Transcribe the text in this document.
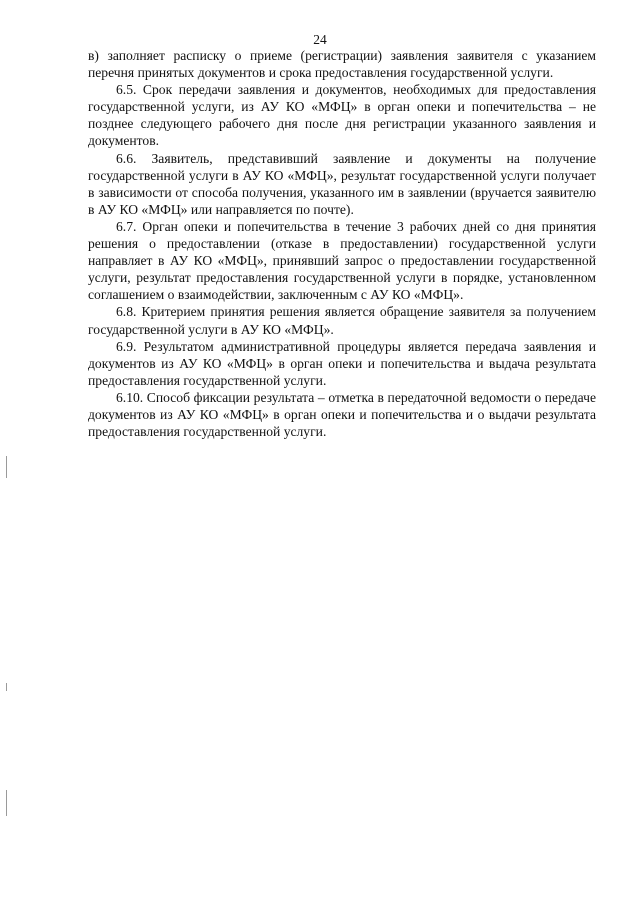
24

в) заполняет расписку о приеме (регистрации) заявления заявителя с указанием перечня принятых документов и срока предоставления государственной услуги.

6.5. Срок передачи заявления и документов, необходимых для предоставления государственной услуги, из АУ КО «МФЦ» в орган опеки и попечительства – не позднее следующего рабочего дня после дня регистрации указанного заявления и документов.

6.6. Заявитель, представивший заявление и документы на получение государственной услуги в АУ КО «МФЦ», результат государственной услуги получает в зависимости от способа получения, указанного им в заявлении (вручается заявителю в АУ КО «МФЦ» или направляется по почте).

6.7. Орган опеки и попечительства в течение 3 рабочих дней со дня принятия решения о предоставлении (отказе в предоставлении) государственной услуги направляет в АУ КО «МФЦ», принявший запрос о предоставлении государственной услуги, результат предоставления государственной услуги в порядке, установленном соглашением о взаимодействии, заключенным с АУ КО «МФЦ».

6.8. Критерием принятия решения является обращение заявителя за получением государственной услуги в АУ КО «МФЦ».

6.9. Результатом административной процедуры является передача заявления и документов из АУ КО «МФЦ» в орган опеки и попечительства и выдача результата предоставления государственной услуги.

6.10. Способ фиксации результата – отметка в передаточной ведомости о передаче документов из АУ КО «МФЦ» в орган опеки и попечительства и о выдачи результата предоставления государственной услуги.
